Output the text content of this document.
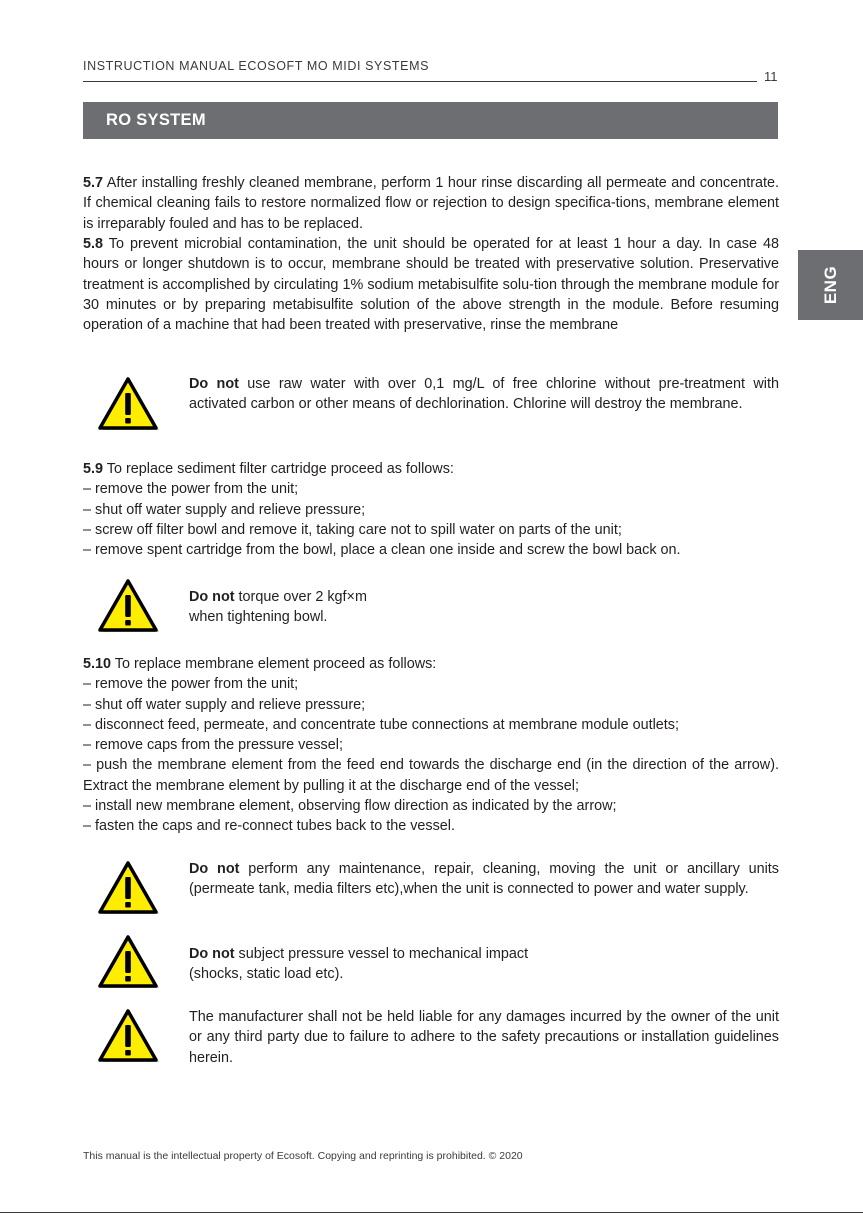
INSTRUCTION MANUAL ECOSOFT MO MIDI SYSTEMS
11
RO SYSTEM
ENG
5.7 After installing freshly cleaned membrane, perform 1 hour rinse discarding all permeate and concentrate. If chemical cleaning fails to restore normalized flow or rejection to design specifica-tions, membrane element is irreparably fouled and has to be replaced.
5.8 To prevent microbial contamination, the unit should be operated for at least 1 hour a day. In case 48 hours or longer shutdown is to occur, membrane should be treated with preservative solution. Preservative treatment is accomplished by circulating 1% sodium metabisulfite solu-tion through the membrane module for 30 minutes or by preparing metabisulfite solution of the above strength in the module. Before resuming operation of a machine that had been treated with preservative, rinse the membrane
Do not use raw water with over 0,1 mg/L of free chlorine without pre-treatment with activated carbon or other means of dechlorination. Chlorine will destroy the membrane.
5.9 To replace sediment filter cartridge proceed as follows:
– remove the power from the unit;
– shut off water supply and relieve pressure;
– screw off filter bowl and remove it, taking care not to spill water on parts of the unit;
– remove spent cartridge from the bowl, place a clean one inside and screw the bowl back on.
Do not torque over 2 kgf×m
when tightening bowl.
5.10 To replace membrane element proceed as follows:
– remove the power from the unit;
– shut off water supply and relieve pressure;
– disconnect feed, permeate, and concentrate tube connections at membrane module outlets;
– remove caps from the pressure vessel;
– push the membrane element from the feed end towards the discharge end (in the direction of the arrow). Extract the membrane element by pulling it at the discharge end of the vessel;
– install new membrane element, observing flow direction as indicated by the arrow;
– fasten the caps and re-connect tubes back to the vessel.
Do not perform any maintenance, repair, cleaning, moving the unit or ancillary units (permeate tank, media filters etc),when the unit is connected to power and water supply.
Do not subject pressure vessel to mechanical impact
(shocks, static load etc).
The manufacturer shall not be held liable for any damages incurred by the owner of the unit or any third party due to failure to adhere to the safety precautions or installation guidelines herein.
This manual is the intellectual property of Ecosoft. Copying and reprinting is prohibited. © 2020
